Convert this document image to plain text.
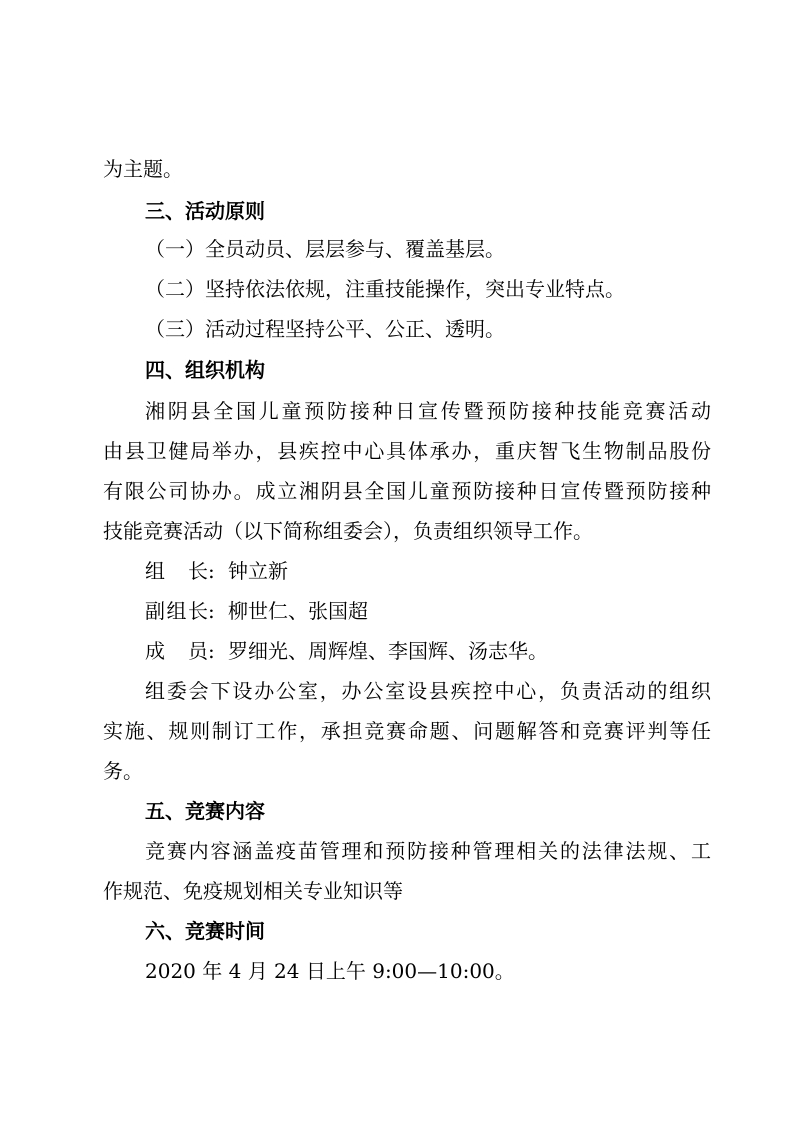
为主题。
三、活动原则
（一）全员动员、层层参与、覆盖基层。
（二）坚持依法依规，注重技能操作，突出专业特点。
（三）活动过程坚持公平、公正、透明。
四、组织机构
湘阴县全国儿童预防接种日宣传暨预防接种技能竞赛活动
由县卫健局举办，县疾控中心具体承办，重庆智飞生物制品股份
有限公司协办。成立湘阴县全国儿童预防接种日宣传暨预防接种
技能竞赛活动（以下简称组委会），负责组织领导工作。
组　长: 钟立新
副组长: 柳世仁、张国超
成　员: 罗细光、周辉煌、李国辉、汤志华。
组委会下设办公室，办公室设县疾控中心，负责活动的组织
实施、规则制订工作，承担竞赛命题、问题解答和竞赛评判等任
务。
五、竞赛内容
竞赛内容涵盖疫苗管理和预防接种管理相关的法律法规、工
作规范、免疫规划相关专业知识等
六、竞赛时间
2020 年 4 月 24 日上午 9:00—10:00。
